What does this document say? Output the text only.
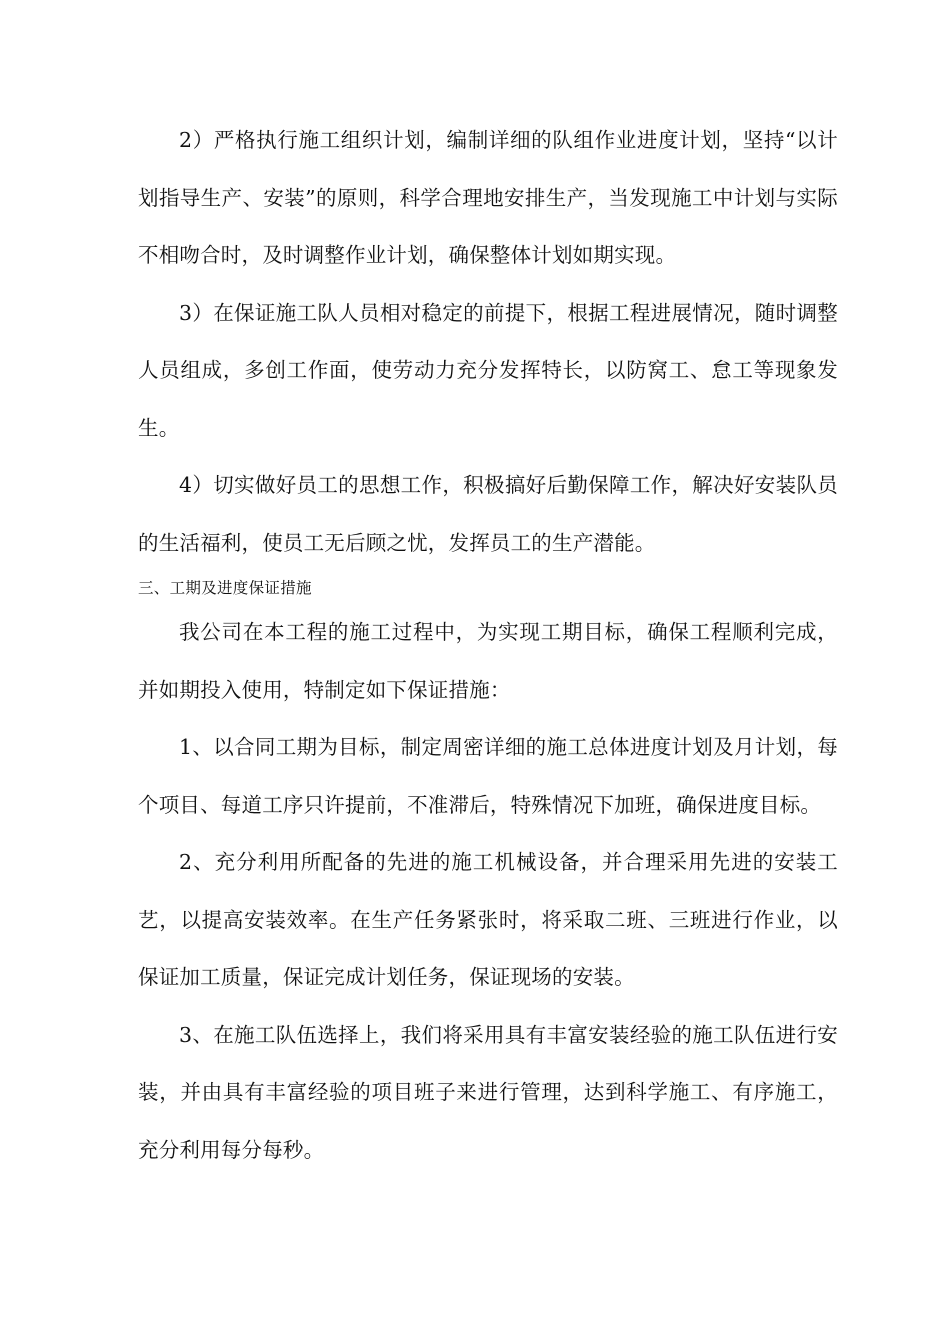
2）严格执行施工组织计划，编制详细的队组作业进度计划，坚持“以计划指导生产、安装”的原则，科学合理地安排生产，当发现施工中计划与实际不相吻合时，及时调整作业计划，确保整体计划如期实现。

3）在保证施工队人员相对稳定的前提下，根据工程进展情况，随时调整人员组成，多创工作面，使劳动力充分发挥特长，以防窝工、怠工等现象发生。

4）切实做好员工的思想工作，积极搞好后勤保障工作，解决好安装队员的生活福利，使员工无后顾之忧，发挥员工的生产潜能。

三、工期及进度保证措施

我公司在本工程的施工过程中，为实现工期目标，确保工程顺利完成，并如期投入使用，特制定如下保证措施：

1、以合同工期为目标，制定周密详细的施工总体进度计划及月计划，每个项目、每道工序只许提前，不准滞后，特殊情况下加班，确保进度目标。

2、充分利用所配备的先进的施工机械设备，并合理采用先进的安装工艺，以提高安装效率。在生产任务紧张时，将采取二班、三班进行作业，以保证加工质量，保证完成计划任务，保证现场的安装。

3、在施工队伍选择上，我们将采用具有丰富安装经验的施工队伍进行安装，并由具有丰富经验的项目班子来进行管理，达到科学施工、有序施工，充分利用每分每秒。
